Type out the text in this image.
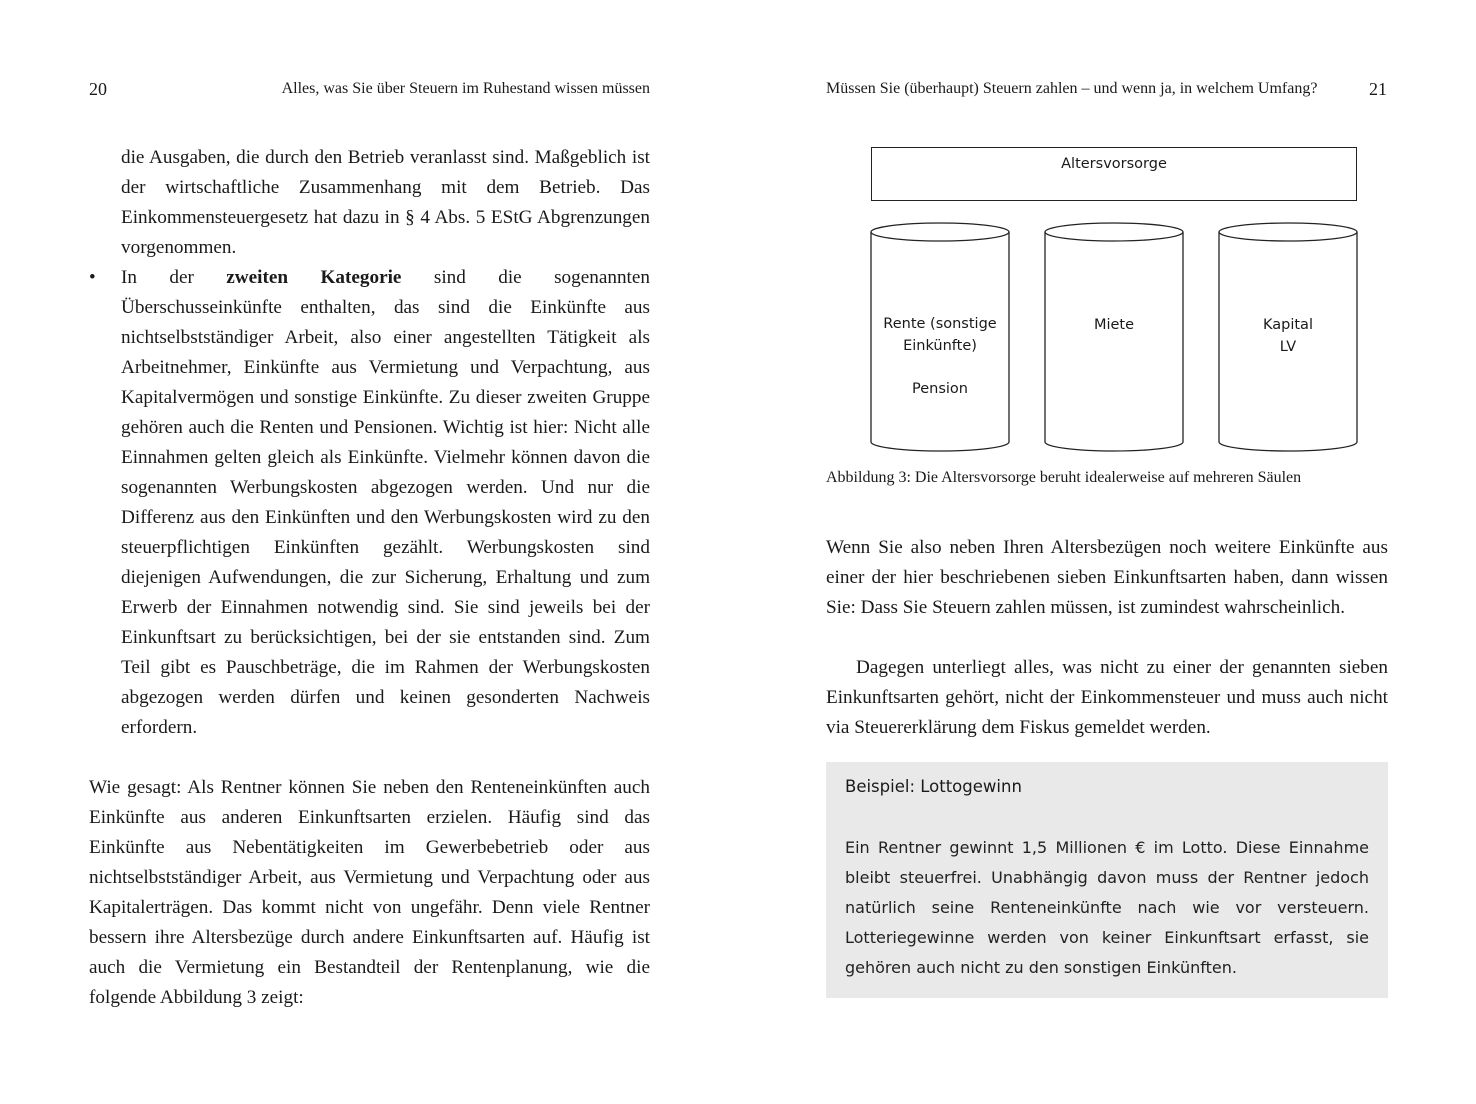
20	Alles, was Sie über Steuern im Ruhestand wissen müssen

die Ausgaben, die durch den Betrieb veranlasst sind. Maßgeblich ist der wirtschaftliche Zusammenhang mit dem Betrieb. Das Einkommensteuergesetz hat dazu in § 4 Abs. 5 EStG Abgrenzungen vorgenommen.

•	In der zweiten Kategorie sind die sogenannten Überschusseinkünfte enthalten, das sind die Einkünfte aus nichtselbstständiger Arbeit, also einer angestellten Tätigkeit als Arbeitnehmer, Einkünfte aus Vermietung und Verpachtung, aus Kapitalvermögen und sonstige Einkünfte. Zu dieser zweiten Gruppe gehören auch die Renten und Pensionen. Wichtig ist hier: Nicht alle Einnahmen gelten gleich als Einkünfte. Vielmehr können davon die sogenannten Werbungskosten abgezogen werden. Und nur die Differenz aus den Einkünften und den Werbungskosten wird zu den steuerpflichtigen Einkünften gezählt. Werbungskosten sind diejenigen Aufwendungen, die zur Sicherung, Erhaltung und zum Erwerb der Einnahmen notwendig sind. Sie sind jeweils bei der Einkunftsart zu berücksichtigen, bei der sie entstanden sind. Zum Teil gibt es Pauschbeträge, die im Rahmen der Werbungskosten abgezogen werden dürfen und keinen gesonderten Nachweis erfordern.

Wie gesagt: Als Rentner können Sie neben den Renteneinkünften auch Einkünfte aus anderen Einkunftsarten erzielen. Häufig sind das Einkünfte aus Nebentätigkeiten im Gewerbebetrieb oder aus nichtselbstständiger Arbeit, aus Vermietung und Verpachtung oder aus Kapitalerträgen. Das kommt nicht von ungefähr. Denn viele Rentner bessern ihre Altersbezüge durch andere Einkunftsarten auf. Häufig ist auch die Vermietung ein Bestandteil der Rentenplanung, wie die folgende Abbildung 3 zeigt:

Müssen Sie (überhaupt) Steuern zahlen – und wenn ja, in welchem Umfang?	21
Altersvorsorge
Rente (sonstige
Einkünfte)
Pension
Miete	Kapital
LV
Abbildung 3: Die Altersvorsorge beruht idealerweise auf mehreren Säulen

Wenn Sie also neben Ihren Altersbezügen noch weitere Einkünfte aus einer der hier beschriebenen sieben Einkunftsarten haben, dann wissen Sie: Dass Sie Steuern zahlen müssen, ist zumindest wahrscheinlich.

Dagegen unterliegt alles, was nicht zu einer der genannten sieben Einkunftsarten gehört, nicht der Einkommensteuer und muss auch nicht via Steuererklärung dem Fiskus gemeldet werden.

Beispiel: Lottogewinn

Ein Rentner gewinnt 1,5 Millionen € im Lotto. Diese Einnahme bleibt steuerfrei. Unabhängig davon muss der Rentner jedoch natürlich seine Renteneinkünfte nach wie vor versteuern. Lotteriegewinne werden von keiner Einkunftsart erfasst, sie gehören auch nicht zu den sonstigen Einkünften.
